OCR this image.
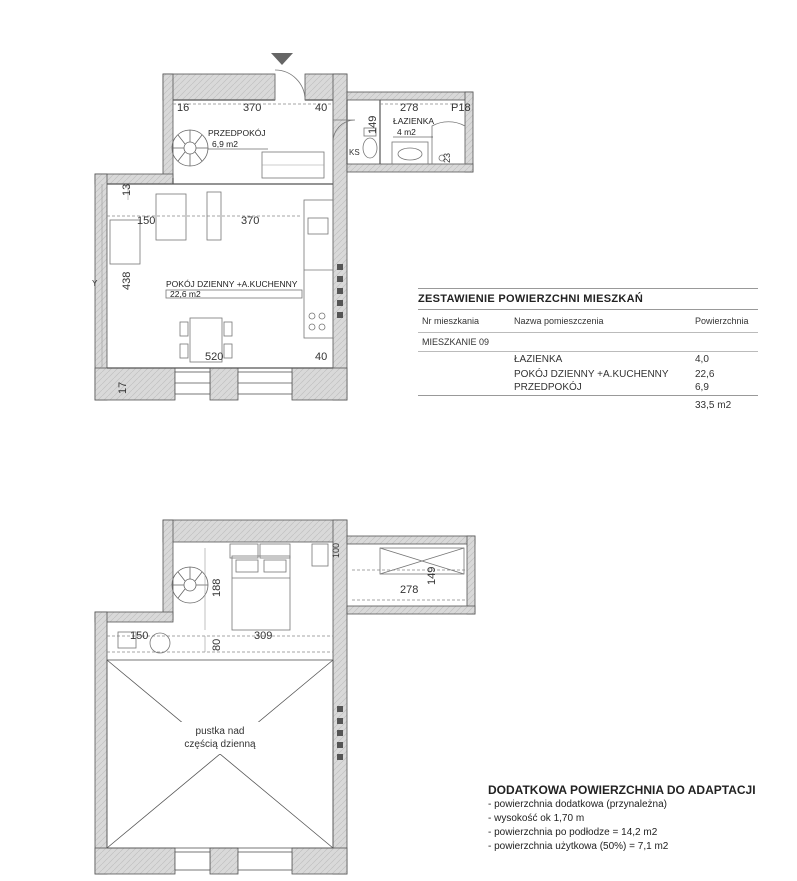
PRZEDPOKÓJ
6,9 m2
ŁAZIENKA
4 m2
POKÓJ DZIENNY +A.KUCHENNY
22,6 m2
16	370	40	278	P18
149
KS
23
13
150	370
438
520	40
17
Y
pustka nad
częścią dzienną
188
100
149
278
150
80
309
ZESTAWIENIE POWIERZCHNI MIESZKAŃ
Nr mieszkania	Nazwa pomieszczenia	Powierzchnia
MIESZKANIE 09
ŁAZIENKA	4,0
POKÓJ DZIENNY +A.KUCHENNY	22,6
PRZEDPOKÓJ	6,9
33,5 m2
DODATKOWA POWIERZCHNIA DO ADAPTACJI
- powierzchnia dodatkowa (przynależna)
- wysokość ok 1,70 m
- powierzchnia po podłodze = 14,2 m2
- powierzchnia użytkowa (50%) = 7,1 m2
